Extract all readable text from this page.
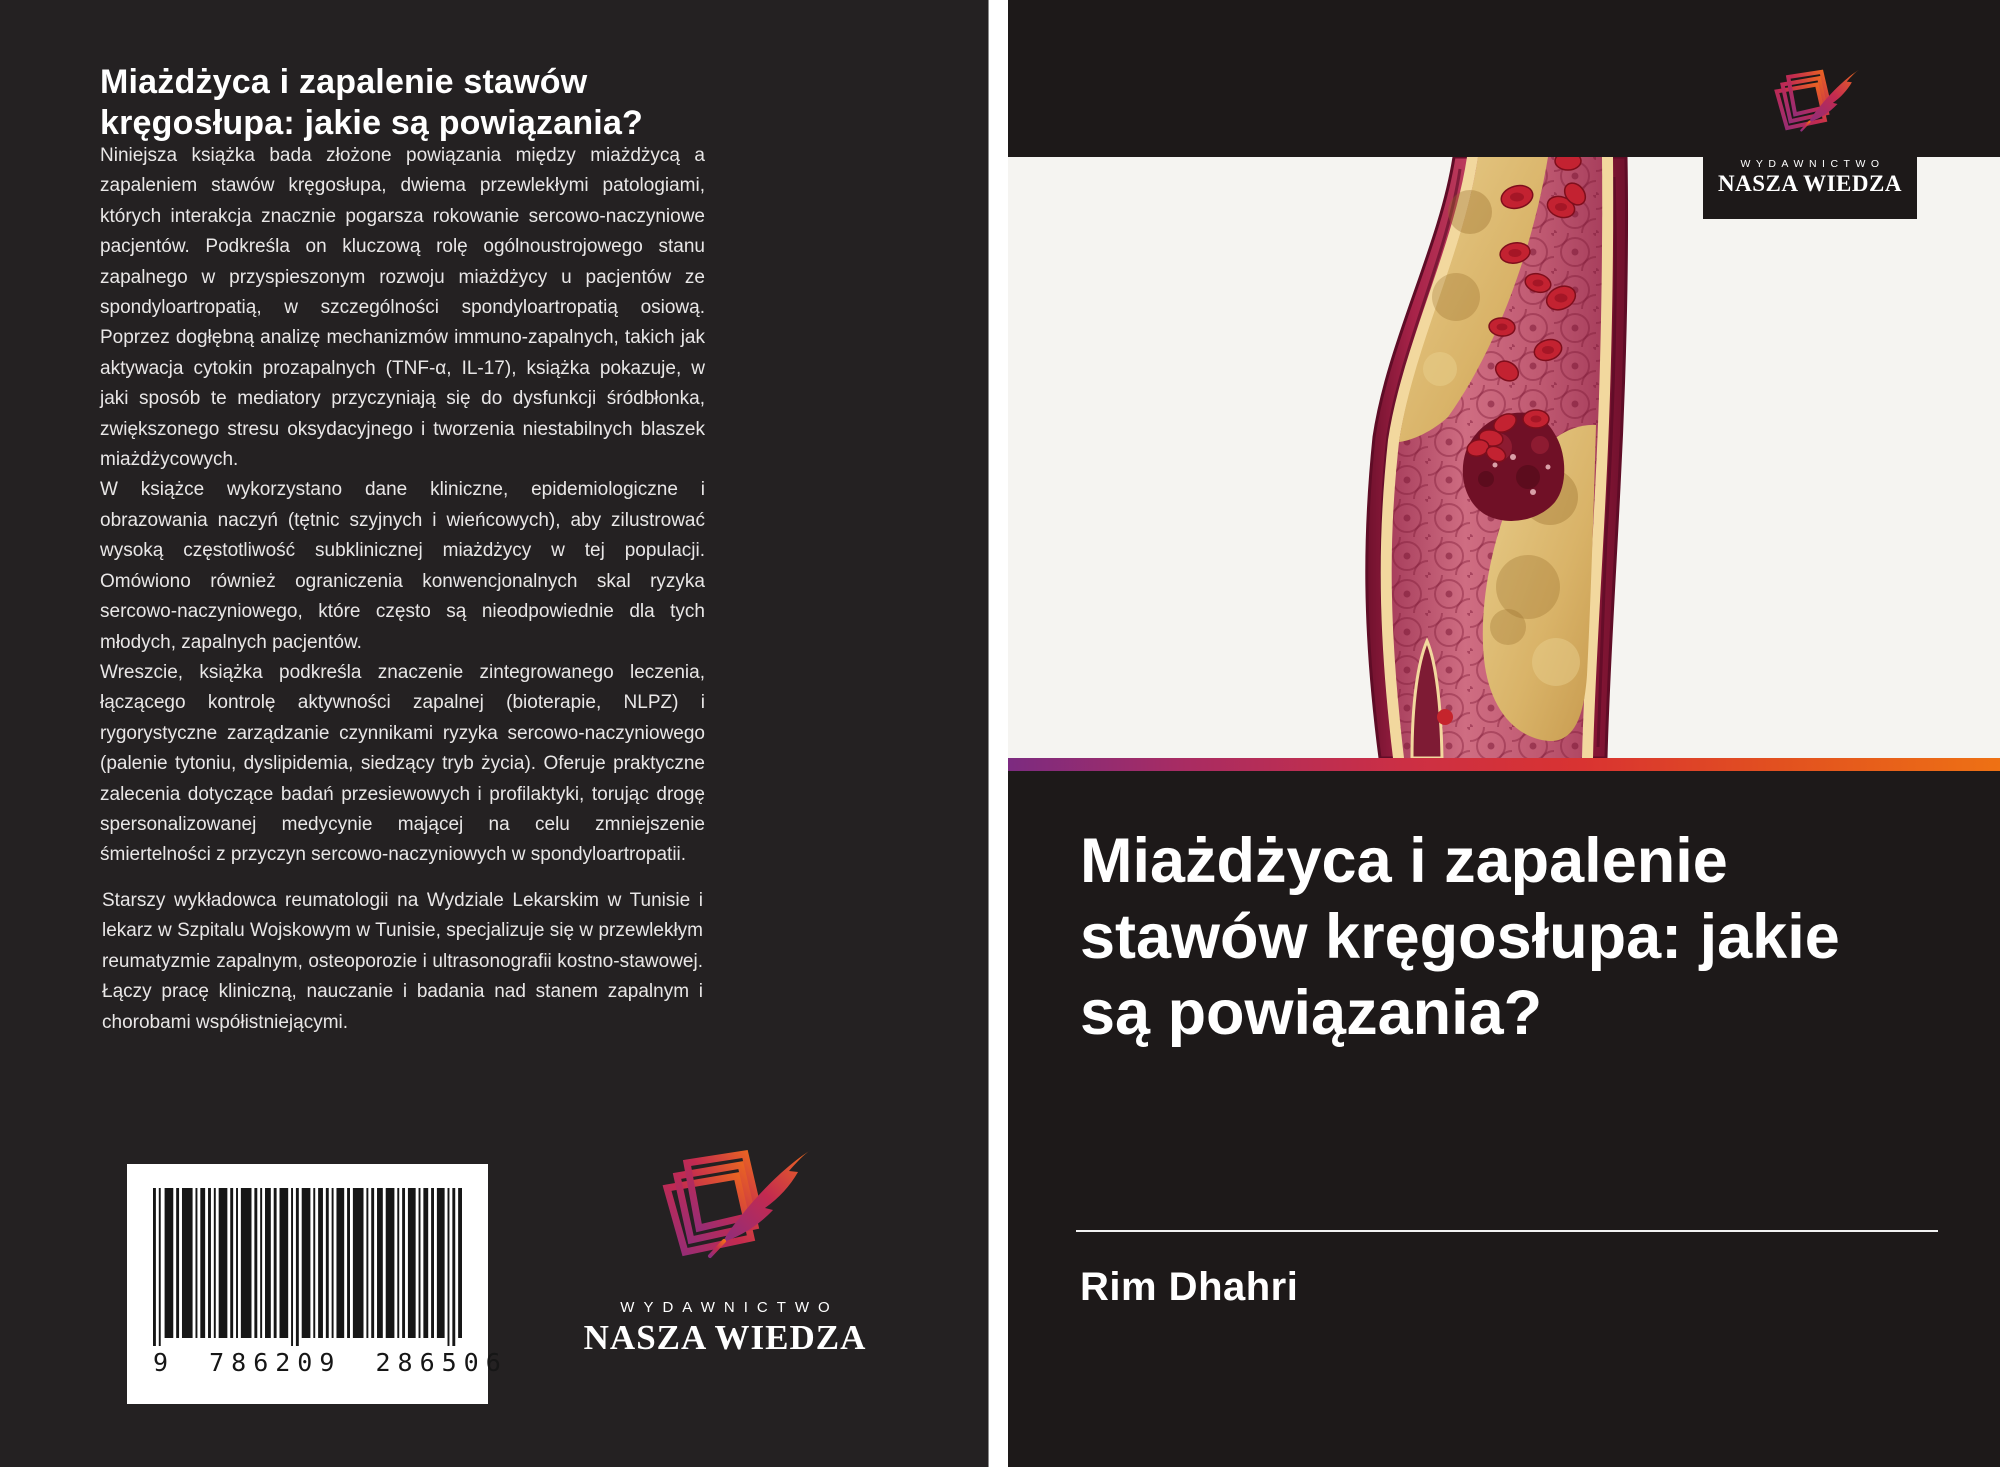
Miażdżyca i zapalenie stawów kręgosłupa: jakie są powiązania?

Niniejsza książka bada złożone powiązania między miażdżycą a zapaleniem stawów kręgosłupa, dwiema przewlekłymi patologiami, których interakcja znacznie pogarsza rokowanie sercowo-naczyniowe pacjentów. Podkreśla on kluczową rolę ogólnoustrojowego stanu zapalnego w przyspieszonym rozwoju miażdżycy u pacjentów ze spondyloartropatią, w szczególności spondyloartropatią osiową. Poprzez dogłębną analizę mechanizmów immuno-zapalnych, takich jak aktywacja cytokin prozapalnych (TNF-α, IL-17), książka pokazuje, w jaki sposób te mediatory przyczyniają się do dysfunkcji śródbłonka, zwiększonego stresu oksydacyjnego i tworzenia niestabilnych blaszek miażdżycowych.

W książce wykorzystano dane kliniczne, epidemiologiczne i obrazowania naczyń (tętnic szyjnych i wieńcowych), aby zilustrować wysoką częstotliwość subklinicznej miażdżycy w tej populacji. Omówiono również ograniczenia konwencjonalnych skal ryzyka sercowo-naczyniowego, które często są nieodpowiednie dla tych młodych, zapalnych pacjentów.

Wreszcie, książka podkreśla znaczenie zintegrowanego leczenia, łączącego kontrolę aktywności zapalnej (bioterapie, NLPZ) i rygorystyczne zarządzanie czynnikami ryzyka sercowo-naczyniowego (palenie tytoniu, dyslipidemia, siedzący tryb życia). Oferuje praktyczne zalecenia dotyczące badań przesiewowych i profilaktyki, torując drogę spersonalizowanej medycynie mającej na celu zmniejszenie śmiertelności z przyczyn sercowo-naczyniowych w spondyloartropatii.

Starszy wykładowca reumatologii na Wydziale Lekarskim w Tunisie i lekarz w Szpitalu Wojskowym w Tunisie, specjalizuje się w przewlekłym reumatyzmie zapalnym, osteoporozie i ultrasonografii kostno-stawowej. Łączy pracę kliniczną, nauczanie i badania nad stanem zapalnym i chorobami współistniejącymi.
9 786209 286506
WYDAWNICTWO
NASZA WIEDZA
Miażdżyca i zapalenie stawów kręgosłupa: jakie są powiązania?
Rim Dhahri
WYDAWNICTWO
NASZA WIEDZA
